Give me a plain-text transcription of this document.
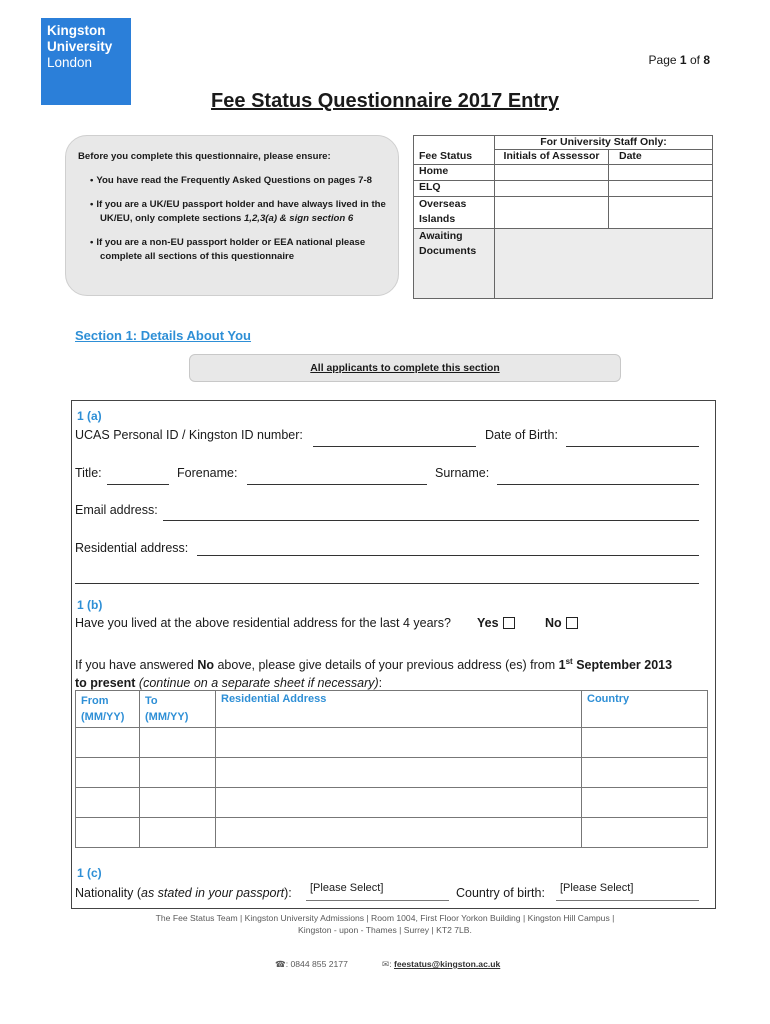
Kingston
University
London	Page 1 of 8
Fee Status Questionnaire 2017 Entry
Before you complete this questionnaire, please ensure:
• You have read the Frequently Asked Questions on pages 7-8
• If you are a UK/EU passport holder and have always lived in the UK/EU, only complete sections 1,2,3(a) & sign section 6
• If you are a non-EU passport holder or EEA national please complete all sections of this questionnaire
	For University Staff Only:	
Fee Status	Initials of Assessor	Date
Home		
ELQ		
Overseas Islands		
Awaiting Documents		
Section 1: Details About You
All applicants to complete this section
1 (a)
UCAS Personal ID / Kingston ID number:	Date of Birth:
Title:	Forename:	Surname:
Email address:
Residential address:
1 (b)
Have you lived at the above residential address for the last 4 years? Yes	No
If you have answered No above, please give details of your previous address (es) from 1st September 2013
to present (continue on a separate sheet if necessary):
From
(MM/YY)	To
(MM/YY)	Residential Address	Country

1 (c)
Nationality (as stated in your passport):	[Please Select]	Country of birth:	[Please Select]
The Fee Status Team | Kingston University Admissions | Room 1004, First Floor Yorkon Building | Kingston Hill Campus |
Kingston - upon - Thames | Surrey | KT2 7LB.
☎: 0844 855 2177	✉: feestatus@kingston.ac.uk
